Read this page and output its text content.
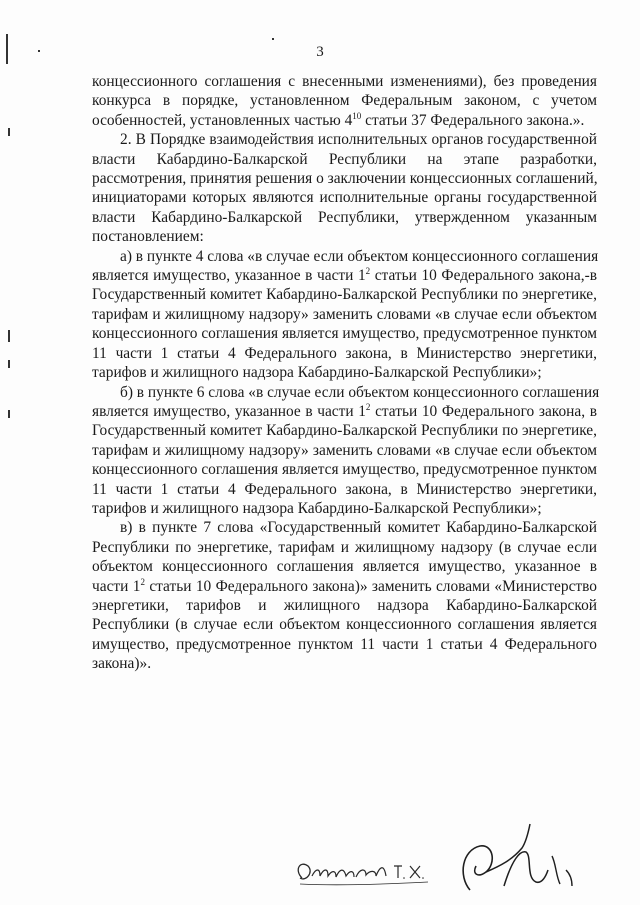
3
концессионного соглашения с внесенными изменениями), без проведения
конкурса в порядке, установленном Федеральным законом, с учетом
особенностей, установленных частью $4^{10}$ статьи 37 Федерального закона.».
2. В Порядке взаимодействия исполнительных органов государственной
власти Кабардино-Балкарской Республики на этапе разработки,
рассмотрения, принятия решения о заключении концессионных соглашений,
инициаторами которых являются исполнительные органы государственной
власти Кабардино-Балкарской Республики, утвержденном указанным
постановлением:
а) в пункте 4 слова «в случае если объектом концессионного соглашения
является имущество, указанное в части $1^2$ статьи 10 Федерального закона,-в
Государственный комитет Кабардино-Балкарской Республики по энергетике,
тарифам и жилищному надзору» заменить словами «в случае если объектом
концессионного соглашения является имущество, предусмотренное пунктом
11 части 1 статьи 4 Федерального закона, в Министерство энергетики,
тарифов и жилищного надзора Кабардино-Балкарской Республики»;
б) в пункте 6 слова «в случае если объектом концессионного соглашения
является имущество, указанное в части $1^2$ статьи 10 Федерального закона, в
Государственный комитет Кабардино-Балкарской Республики по энергетике,
тарифам и жилищному надзору» заменить словами «в случае если объектом
концессионного соглашения является имущество, предусмотренное пунктом
11 части 1 статьи 4 Федерального закона, в Министерство энергетики,
тарифов и жилищного надзора Кабардино-Балкарской Республики»;
в) в пункте 7 слова «Государственный комитет Кабардино-Балкарской
Республики по энергетике, тарифам и жилищному надзору (в случае если
объектом концессионного соглашения является имущество, указанное в
части $1^2$ статьи 10 Федерального закона)» заменить словами «Министерство
энергетики, тарифов и жилищного надзора Кабардино-Балкарской
Республики (в случае если объектом концессионного соглашения является
имущество, предусмотренное пунктом 11 части 1 статьи 4 Федерального
закона)».
